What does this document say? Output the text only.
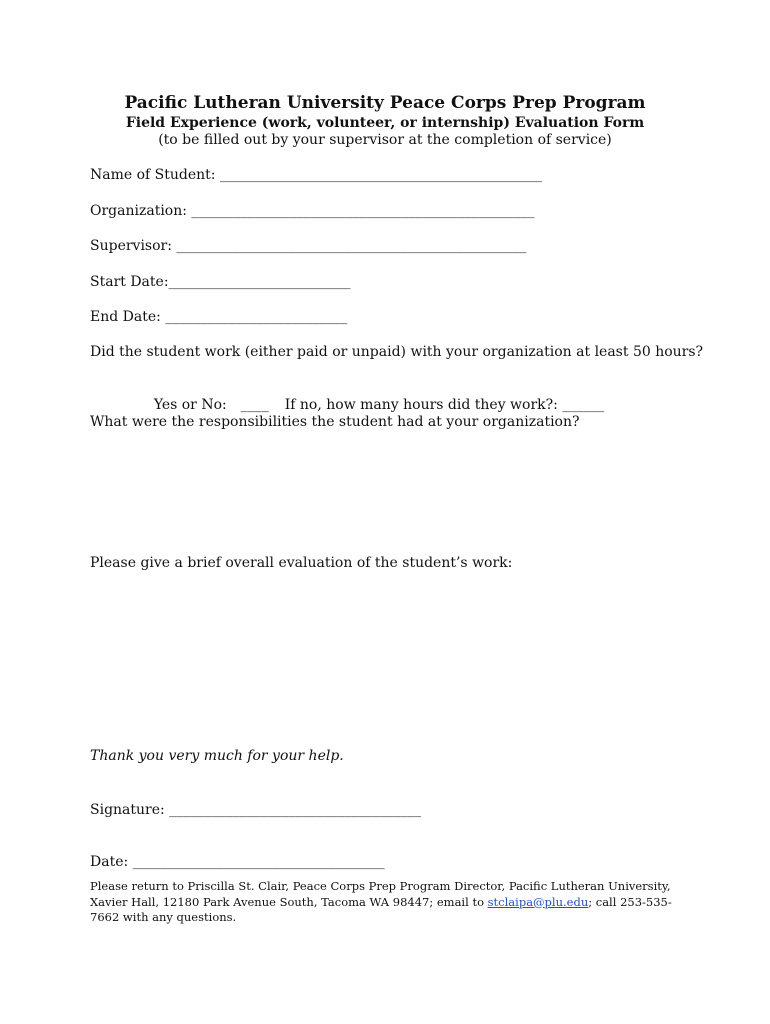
Pacific Lutheran University Peace Corps Prep Program
Field Experience (work, volunteer, or internship) Evaluation Form
(to be filled out by your supervisor at the completion of service)
Name of Student: ______________________________________________
Organization: _________________________________________________
Supervisor: __________________________________________________
Start Date:__________________________
End Date: __________________________
Did the student work (either paid or unpaid) with your organization at least 50 hours?

Yes or No: ____ If no, how many hours did they work?: ______

What were the responsibilities the student had at your organization?
Please give a brief overall evaluation of the student’s work:
Thank you very much for your help.
Signature: ____________________________________
Date: ____________________________________
Please return to Priscilla St. Clair, Peace Corps Prep Program Director, Pacific Lutheran University, Xavier Hall, 12180 Park Avenue South, Tacoma WA 98447; email to stclaipa@plu.edu; call 253-535-7662 with any questions.
